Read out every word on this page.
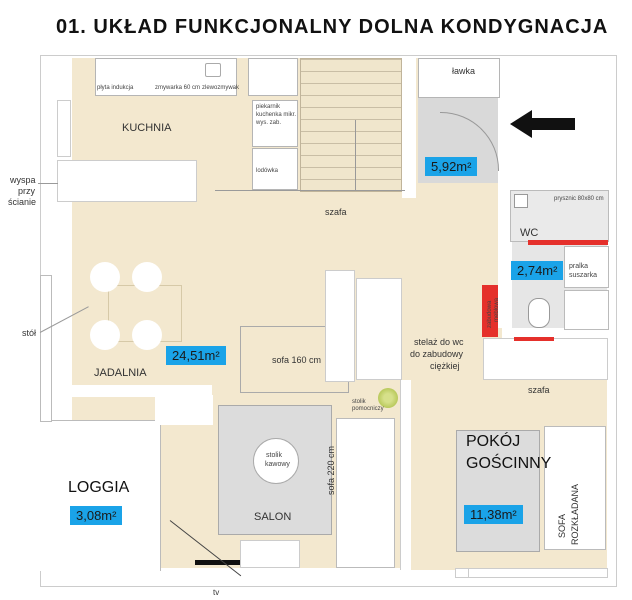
01. UKŁAD FUNKCJONALNY DOLNA KONDYGNACJA
płyta indukcja	zmywarka 60 cm zlewozmywak
piekarnik
kuchenka mikr.
wys. zab.
lodówka
KUCHNIA
JADALNIA
SALON
LOGGIA
WC
POKÓJ
GOŚCINNY
24,51m²
5,92m²
2,74m²
3,08m²	11,38m²
ławka
szafa
wyspa
przy
ścianie
stół
sofa 160 cm
stolik
pomocniczy
stolik
kawowy	sofa 220 cm
prysznic 80x80 cm
pralka
suszarka
zabudowa meblowa
stelaż do wc
do zabudowy
ciężkiej
szafa
SOFA ROZKŁADANA
tv
